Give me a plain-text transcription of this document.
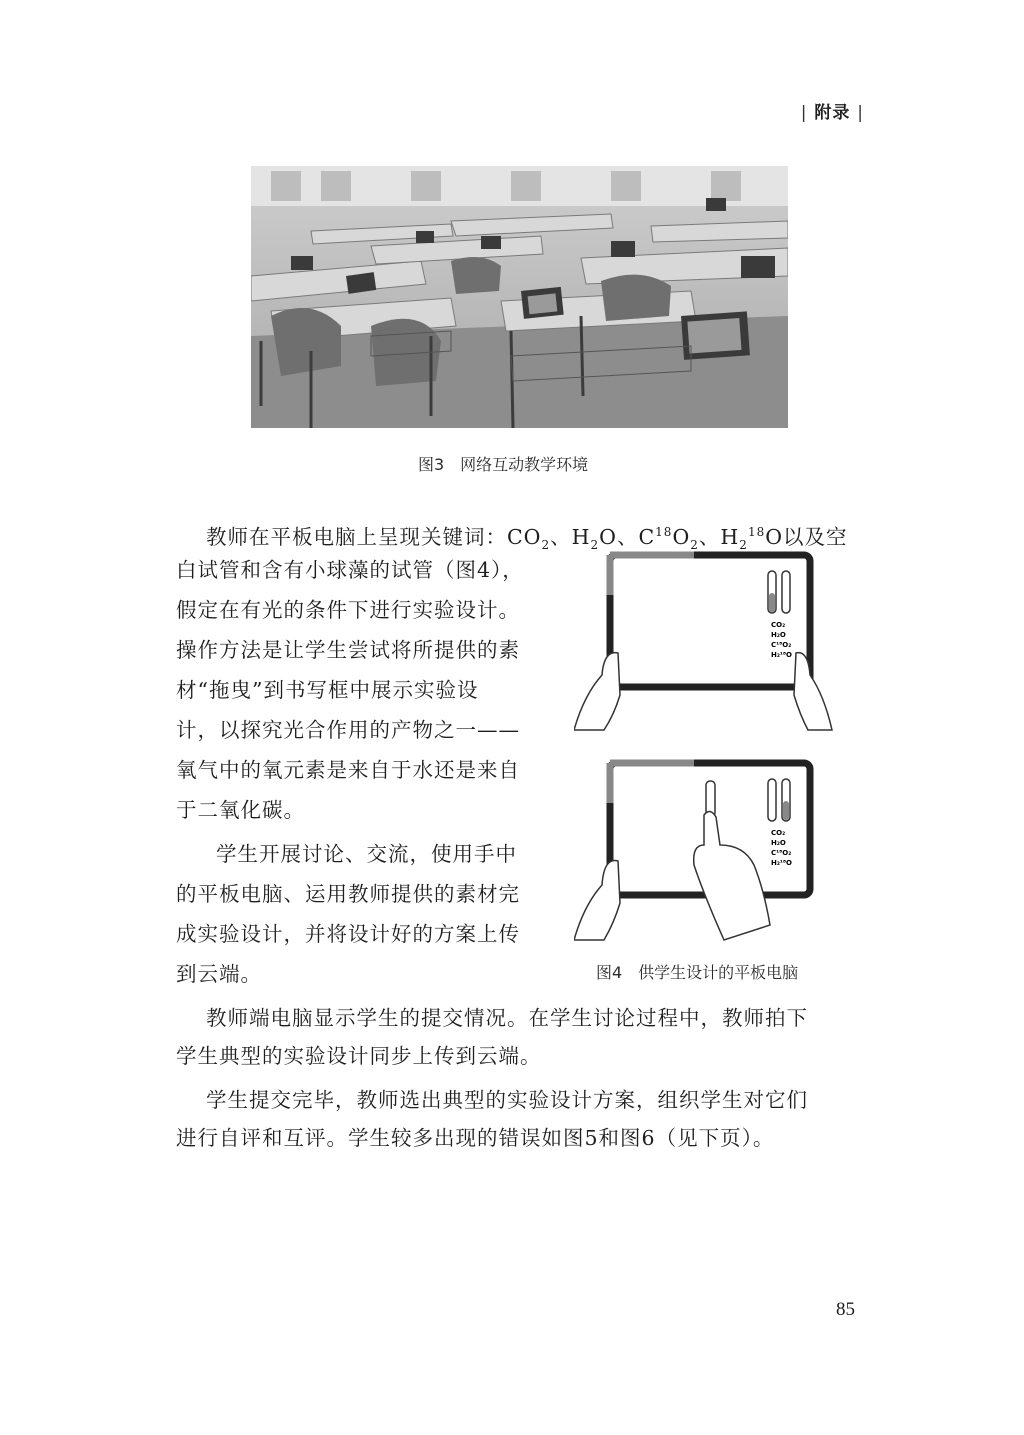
| 附录 |
图3　网络互动教学环境
教师在平板电脑上呈现关键词：$CO_2$、$H_2O$、$C^{18}O_2$、$H_2^{18}O$以及空
白试管和含有小球藻的试管（图4），
假定在有光的条件下进行实验设计。
操作方法是让学生尝试将所提供的素
材“拖曳”到书写框中展示实验设
计，以探究光合作用的产物之一——
氧气中的氧元素是来自于水还是来自
于二氧化碳。
学生开展讨论、交流，使用手中
的平板电脑、运用教师提供的素材完
成实验设计，并将设计好的方案上传
到云端。
CO₂
H₂O
C¹⁸O₂
H₂¹⁸O
CO₂
H₂O
C¹⁸O₂
H₂¹⁸O
图4　供学生设计的平板电脑
教师端电脑显示学生的提交情况。在学生讨论过程中，教师拍下
学生典型的实验设计同步上传到云端。
学生提交完毕，教师选出典型的实验设计方案，组织学生对它们
进行自评和互评。学生较多出现的错误如图5和图6（见下页）。
85
